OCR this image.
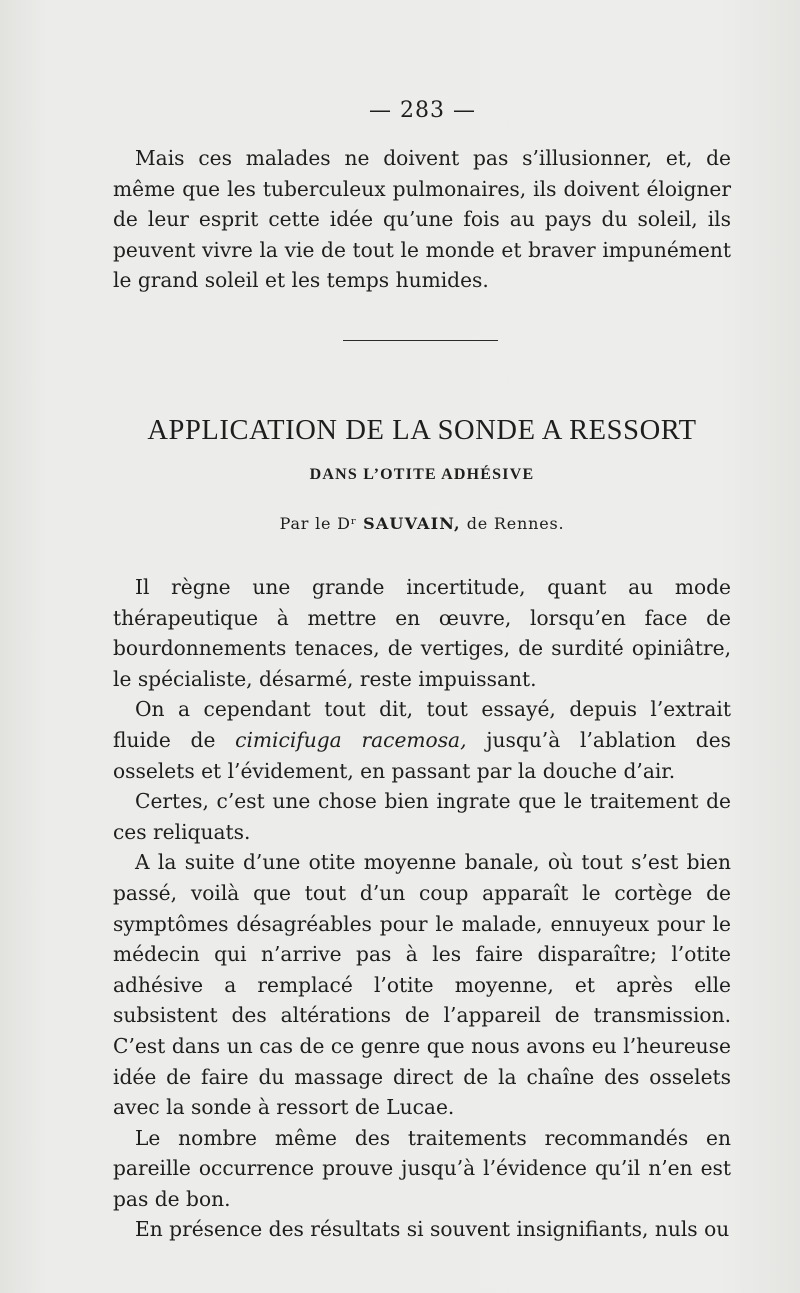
— 283 —

Mais ces malades ne doivent pas s’illusionner, et, de même que les tuberculeux pulmonaires, ils doivent éloigner de leur esprit cette idée qu’une fois au pays du soleil, ils peuvent vivre la vie de tout le monde et braver impunément le grand soleil et les temps humides.

APPLICATION DE LA SONDE A RESSORT
DANS L’OTITE ADHÉSIVE
Par le Dʳ SAUVAIN, de Rennes.

Il règne une grande incertitude, quant au mode thérapeutique à mettre en œuvre, lorsqu’en face de bourdonnements tenaces, de vertiges, de surdité opiniâtre, le spécialiste, désarmé, reste impuissant.

On a cependant tout dit, tout essayé, depuis l’extrait fluide de cimicifuga racemosa, jusqu’à l’ablation des osselets et l’évidement, en passant par la douche d’air.

Certes, c’est une chose bien ingrate que le traitement de ces reliquats.

A la suite d’une otite moyenne banale, où tout s’est bien passé, voilà que tout d’un coup apparaît le cortège de symptômes désagréables pour le malade, ennuyeux pour le médecin qui n’arrive pas à les faire disparaître; l’otite adhésive a remplacé l’otite moyenne, et après elle subsistent des altérations de l’appareil de transmission. C’est dans un cas de ce genre que nous avons eu l’heureuse idée de faire du massage direct de la chaîne des osselets avec la sonde à ressort de Lucae.

Le nombre même des traitements recommandés en pareille occurrence prouve jusqu’à l’évidence qu’il n’en est pas de bon.

En présence des résultats si souvent insignifiants, nuls ou
